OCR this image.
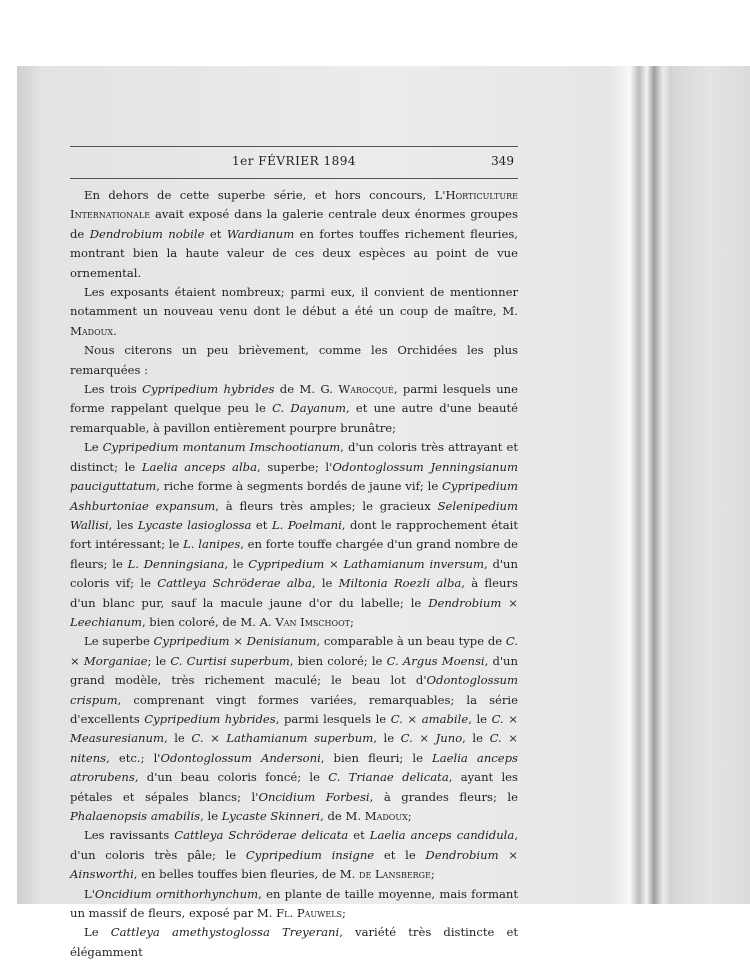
1er FÉVRIER 1894	349

En dehors de cette superbe série, et hors concours, L'Horticulture Internationale avait exposé dans la galerie centrale deux énormes groupes de Dendrobium nobile et Wardianum en fortes touffes richement fleuries, montrant bien la haute valeur de ces deux espèces au point de vue ornemental.

Les exposants étaient nombreux; parmi eux, il convient de mentionner notamment un nouveau venu dont le début a été un coup de maître, M. Madoux.

Nous citerons un peu brièvement, comme les Orchidées les plus remarquées :

Les trois Cypripedium hybrides de M. G. Warocqué, parmi lesquels une forme rappelant quelque peu le C. Dayanum, et une autre d'une beauté remarquable, à pavillon entièrement pourpre brunâtre;

Le Cypripedium montanum Imschootianum, d'un coloris très attrayant et distinct; le Laelia anceps alba, superbe; l'Odontoglossum Jenningsianum pauciguttatum, riche forme à segments bordés de jaune vif; le Cypripedium Ashburtoniae expansum, à fleurs très amples; le gracieux Selenipedium Wallisi, les Lycaste lasioglossa et L. Poelmani, dont le rapprochement était fort intéressant; le L. lanipes, en forte touffe chargée d'un grand nombre de fleurs; le L. Denningsiana, le Cypripedium × Lathamianum inversum, d'un coloris vif; le Cattleya Schröderae alba, le Miltonia Roezli alba, à fleurs d'un blanc pur, sauf la macule jaune d'or du labelle; le Dendrobium × Leechianum, bien coloré, de M. A. Van Imschoot;

Le superbe Cypripedium × Denisianum, comparable à un beau type de C. × Morganiae; le C. Curtisi superbum, bien coloré; le C. Argus Moensi, d'un grand modèle, très richement maculé; le beau lot d'Odontoglossum crispum, comprenant vingt formes variées, remarquables; la série d'excellents Cypripedium hybrides, parmi lesquels le C. × amabile, le C. × Measuresianum, le C. × Lathamianum superbum, le C. × Juno, le C. × nitens, etc.; l'Odontoglossum Andersoni, bien fleuri; le Laelia anceps atrorubens, d'un beau coloris foncé; le C. Trianae delicata, ayant les pétales et sépales blancs; l'Oncidium Forbesi, à grandes fleurs; le Phalaenopsis amabilis, le Lycaste Skinneri, de M. Madoux;

Les ravissants Cattleya Schröderae delicata et Laelia anceps candidula, d'un coloris très pâle; le Cypripedium insigne et le Dendrobium × Ainsworthi, en belles touffes bien fleuries, de M. de Lansberge;

L'Oncidium ornithorhynchum, en plante de taille moyenne, mais formant un massif de fleurs, exposé par M. Fl. Pauwels;

Le Cattleya amethystoglossa Treyerani, variété très distincte et élégamment
